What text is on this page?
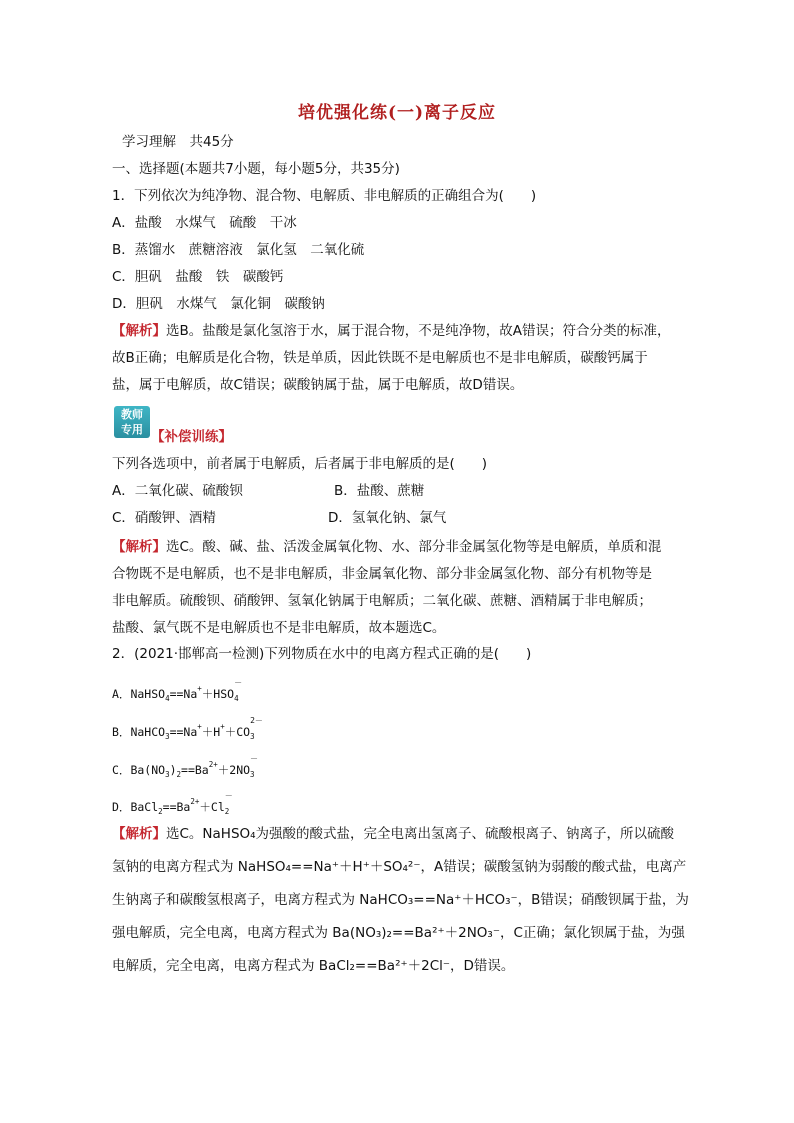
培优强化练(一)离子反应
学习理解　共45分
一、选择题(本题共7小题，每小题5分，共35分)
1．下列依次为纯净物、混合物、电解质、非电解质的正确组合为(　　)
A．盐酸　水煤气　硫酸　干冰
B．蒸馏水　蔗糖溶液　氯化氢　二氧化硫
C．胆矾　盐酸　铁　碳酸钙
D．胆矾　水煤气　氯化铜　碳酸钠
【解析】选B。盐酸是氯化氢溶于水，属于混合物，不是纯净物，故A错误；符合分类的标准，
故B正确；电解质是化合物，铁是单质，因此铁既不是电解质也不是非电解质，碳酸钙属于
盐，属于电解质，故C错误；碳酸钠属于盐，属于电解质，故D错误。
教师
专用 【补偿训练】
下列各选项中，前者属于电解质，后者属于非电解质的是(　　)
A．二氧化碳、硫酸钡	B．盐酸、蔗糖
C．硝酸钾、酒精	D．氢氧化钠、氯气
【解析】选C。酸、碱、盐、活泼金属氧化物、水、部分非金属氢化物等是电解质，单质和混
合物既不是电解质，也不是非电解质，非金属氧化物、部分非金属氢化物、部分有机物等是
非电解质。硫酸钡、硝酸钾、氢氧化钠属于电解质；二氧化碳、蔗糖、酒精属于非电解质；
盐酸、氯气既不是电解质也不是非电解质，故本题选C。
2．(2021·邯郸高一检测)下列物质在水中的电离方程式正确的是(　　)
A．NaHSO$_4$==Na+＋HSO
－
$_4$
B．NaHCO$_3$==Na+＋H+＋CO
2－
$_3$
C．$Ba(NO_3)_2==Ba^{2+}+2NO$
－
$_3$
D．$BaCl_2==Ba^{2+}+Cl$
－
$_2$
【解析】选C。NaHSO₄为强酸的酸式盐，完全电离出氢离子、硫酸根离子、钠离子，所以硫酸
氢钠的电离方程式为 NaHSO₄==Na⁺＋H⁺＋SO₄²⁻，A错误；碳酸氢钠为弱酸的酸式盐，电离产
生钠离子和碳酸氢根离子，电离方程式为 NaHCO₃==Na⁺＋HCO₃⁻，B错误；硝酸钡属于盐，为
强电解质，完全电离，电离方程式为 Ba(NO₃)₂==Ba²⁺＋2NO₃⁻，C正确；氯化钡属于盐，为强
电解质，完全电离，电离方程式为 BaCl₂==Ba²⁺＋2Cl⁻，D错误。
